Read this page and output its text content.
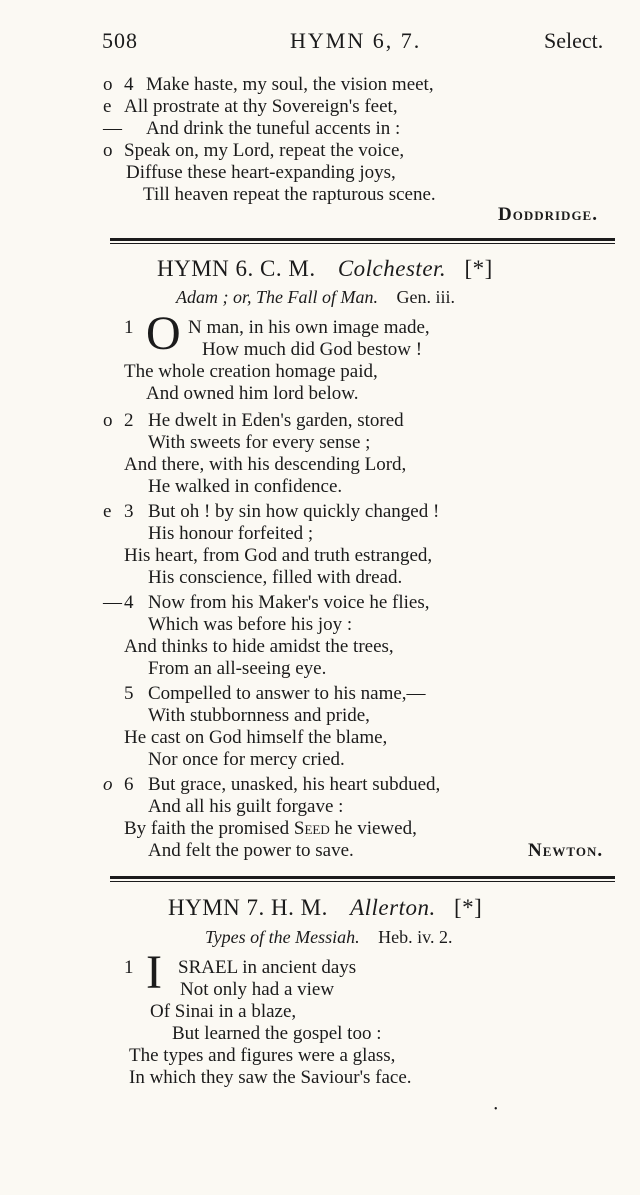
508	HYMN 6, 7.	Select.
o 4 Make haste, my soul, the vision meet,
e All prostrate at thy Sovereign's feet,
— And drink the tuneful accents in :
o Speak on, my Lord, repeat the voice,
Diffuse these heart-expanding joys,
Till heaven repeat the rapturous scene.
Doddridge.
HYMN 6. C. M. Colchester. [*]
Adam ; or, The Fall of Man. Gen. iii.
1 O N man, in his own image made,
How much did God bestow !
The whole creation homage paid,
And owned him lord below.
o 2 He dwelt in Eden's garden, stored
With sweets for every sense ;
And there, with his descending Lord,
He walked in confidence.
e 3 But oh ! by sin how quickly changed !
His honour forfeited ;
His heart, from God and truth estranged,
His conscience, filled with dread.
— 4 Now from his Maker's voice he flies,
Which was before his joy :
And thinks to hide amidst the trees,
From an all-seeing eye.
5 Compelled to answer to his name,—
With stubbornness and pride,
He cast on God himself the blame,
Nor once for mercy cried.
o 6 But grace, unasked, his heart subdued,
And all his guilt forgave :
By faith the promised Seed he viewed,
And felt the power to save.	Newton.
HYMN 7. H. M. Allerton. [*]
Types of the Messiah. Heb. iv. 2.
1 I SRAEL in ancient days
Not only had a view
Of Sinai in a blaze,
But learned the gospel too :
The types and figures were a glass,
In which they saw the Saviour's face.
•
